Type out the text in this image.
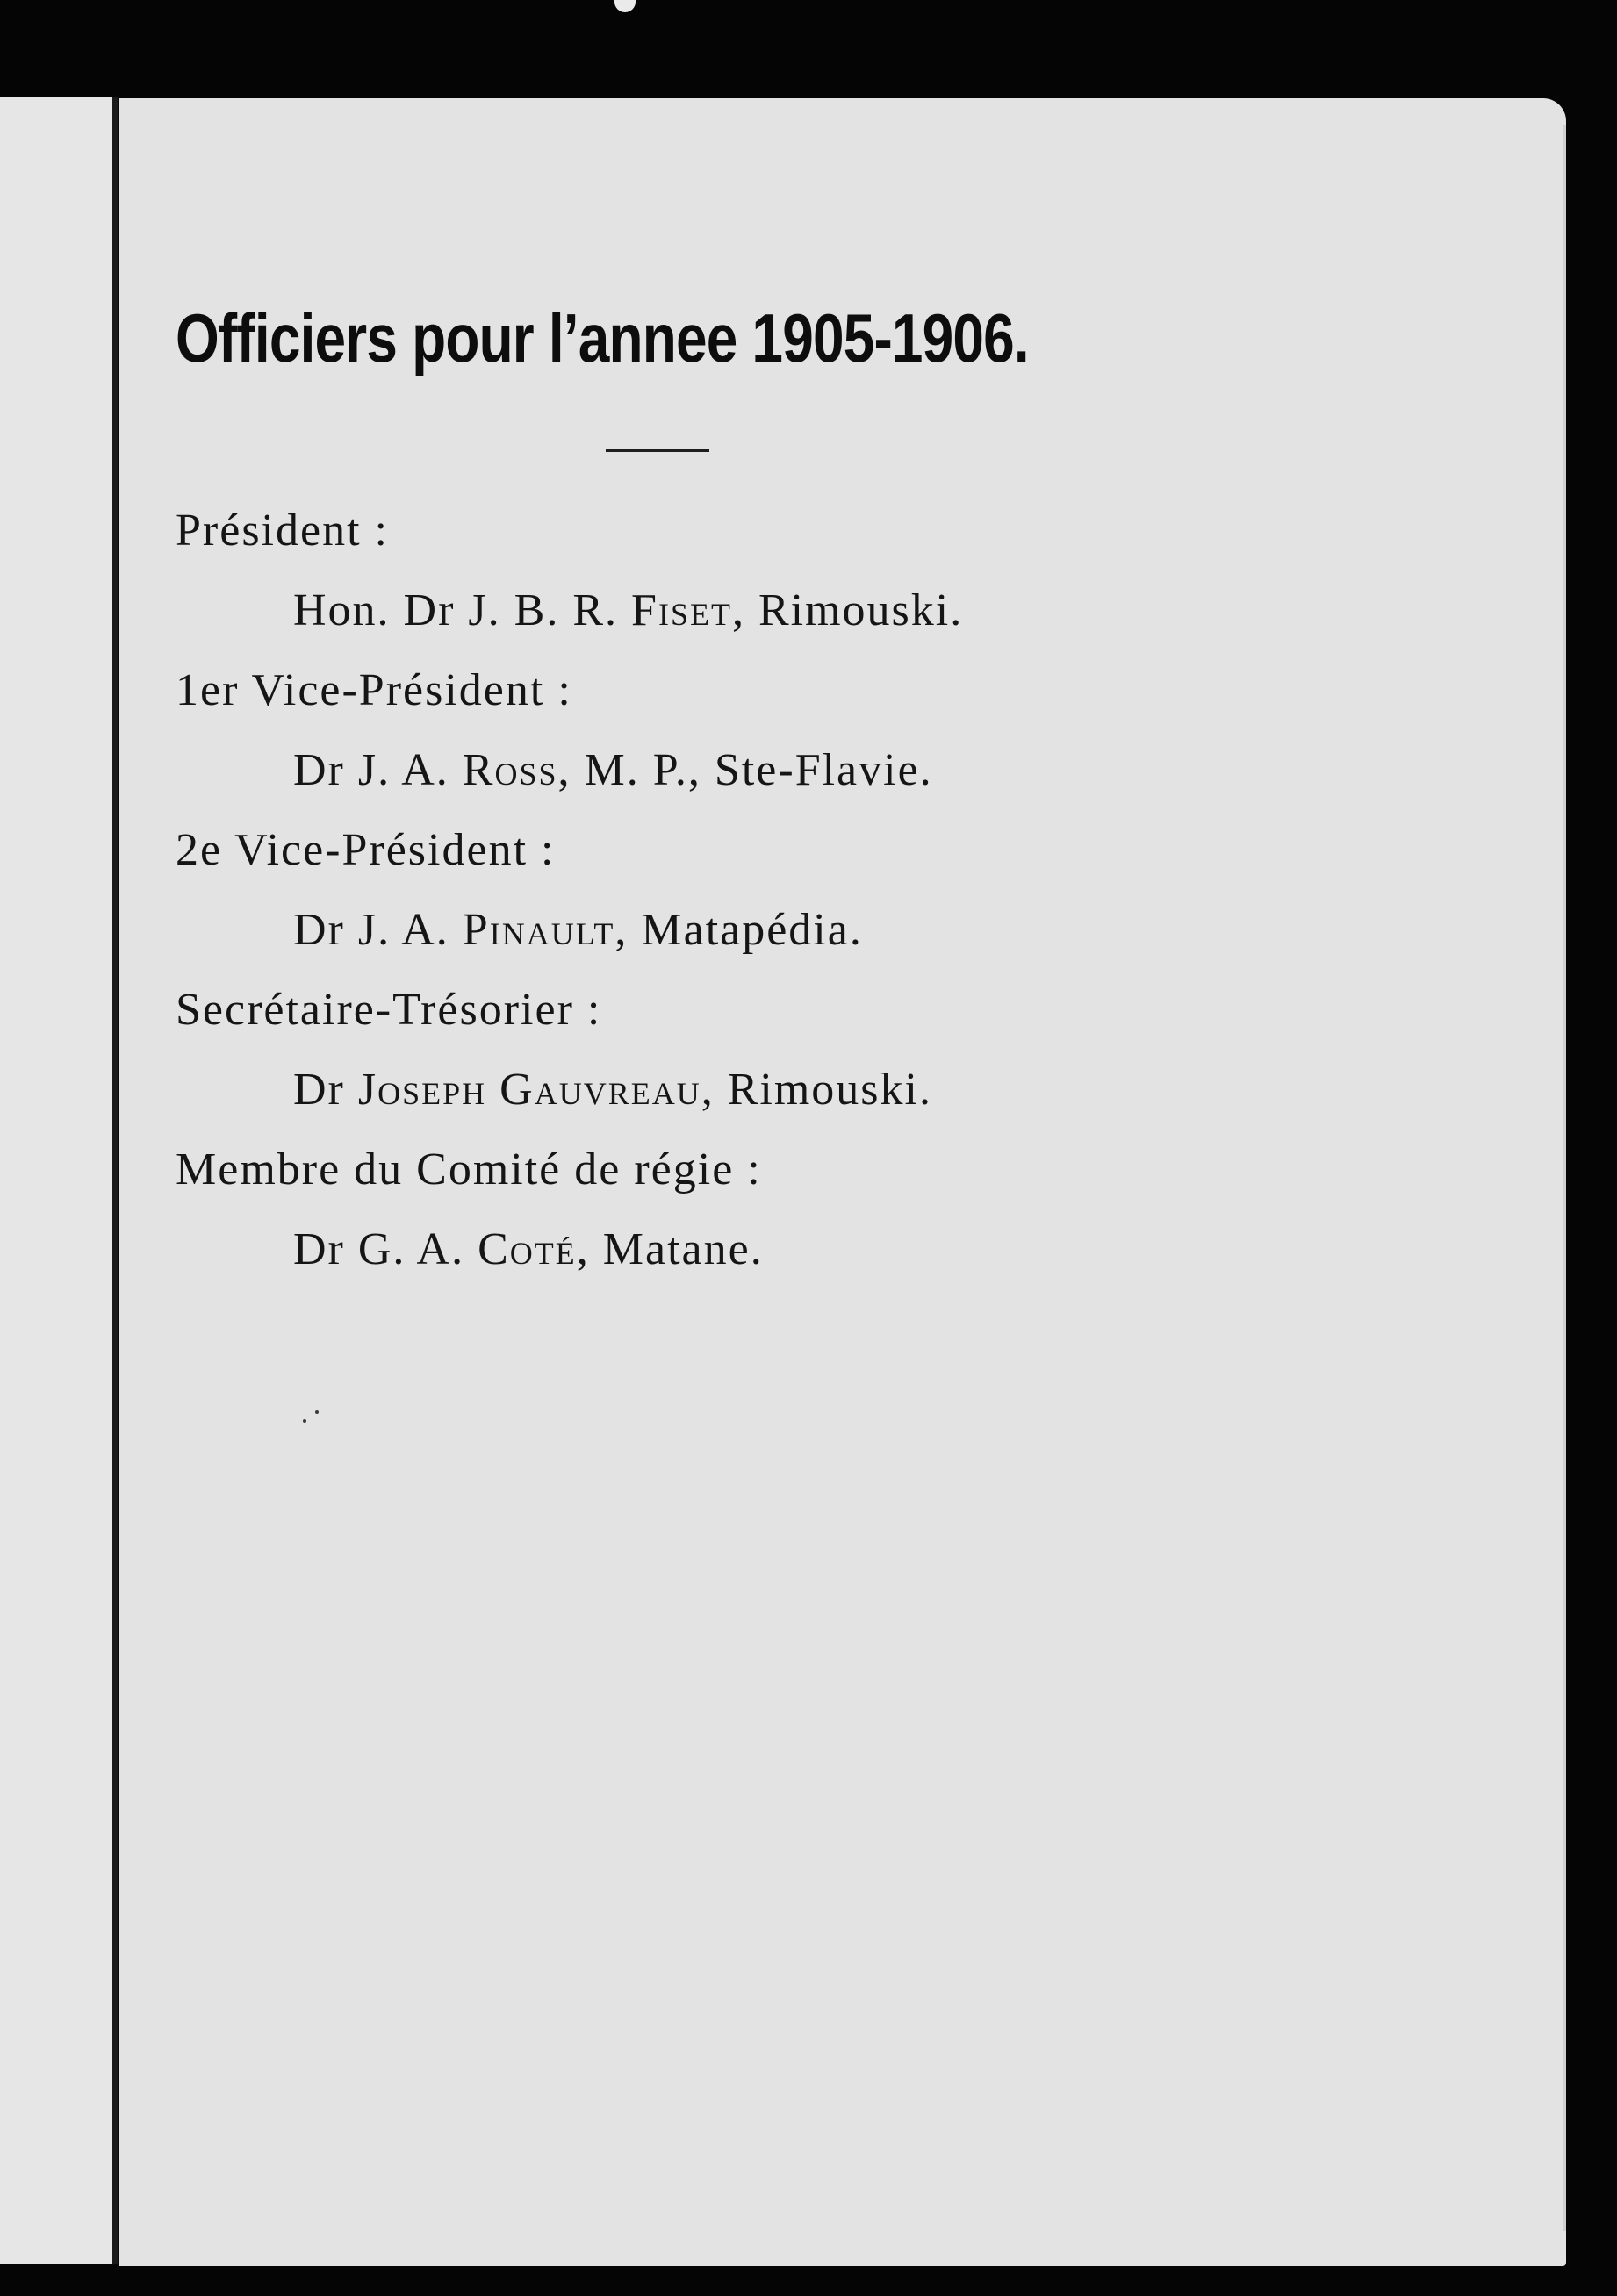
Officiers pour l’annee 1905-1906.

Président :

Hon. Dr J. B. R. Fiset, Rimouski.

1er Vice-Président :

Dr J. A. Ross, M. P., Ste-Flavie.

2e Vice-Président :

Dr J. A. Pinault, Matapédia.

Secrétaire-Trésorier :

Dr Joseph Gauvreau, Rimouski.

Membre du Comité de régie :

Dr G. A. Coté, Matane.
